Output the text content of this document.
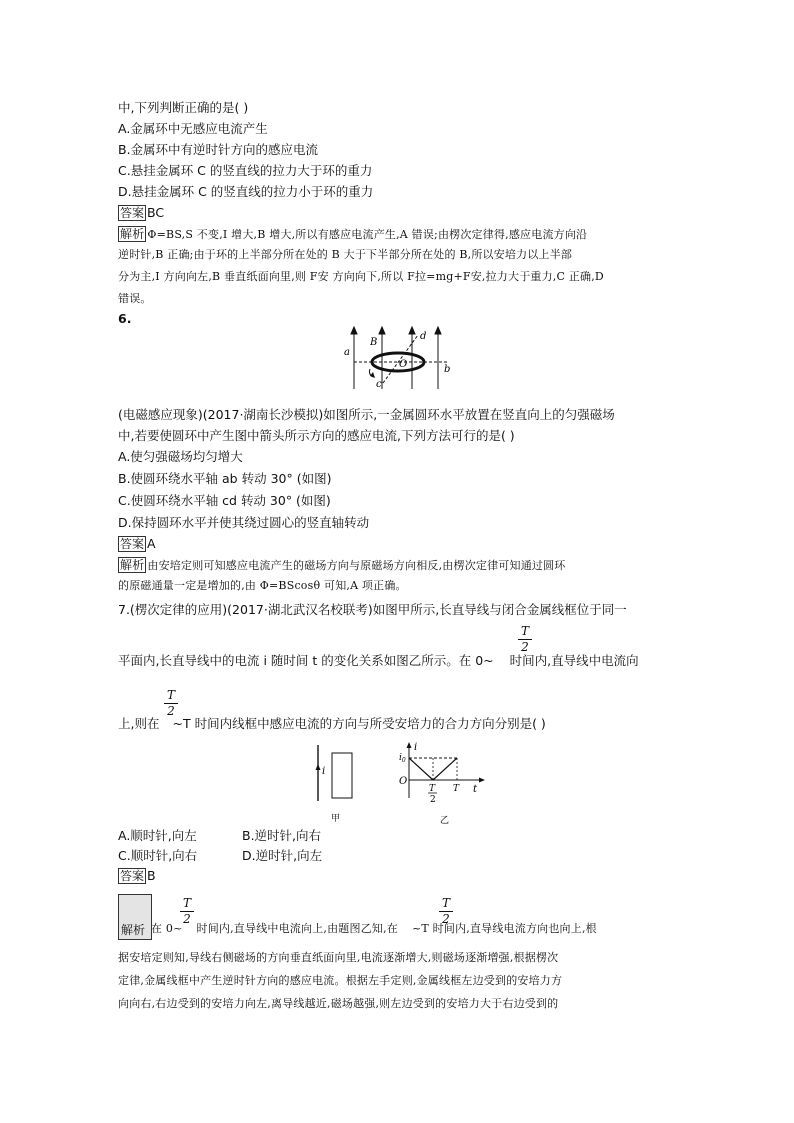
中,下列判断正确的是( )
A.金属环中无感应电流产生
B.金属环中有逆时针方向的感应电流
C.悬挂金属环 C 的竖直线的拉力大于环的重力
D.悬挂金属环 C 的竖直线的拉力小于环的重力
答案 BC
解析 Φ=BS,S 不变,I 增大,B 增大,所以有感应电流产生,A 错误;由楞次定律得,感应电流方向沿
逆时针,B 正确;由于环的上半部分所在处的 B 大于下半部分所在处的 B,所以安培力以上半部
分为主,I 方向向左,B 垂直纸面向里,则 F安 方向向下,所以 F拉=mg+F安,拉力大于重力,C 正确,D
错误。
6.
a
b
B
c
d
O
(电磁感应现象)(2017·湖南长沙模拟)如图所示,一金属圆环水平放置在竖直向上的匀强磁场
中,若要使圆环中产生图中箭头所示方向的感应电流,下列方法可行的是( )
A.使匀强磁场均匀增大
B.使圆环绕水平轴 ab 转动 30° (如图)
C.使圆环绕水平轴 cd 转动 30° (如图)
D.保持圆环水平并使其绕过圆心的竖直轴转动
答案 A
解析 由安培定则可知感应电流产生的磁场方向与原磁场方向相反,由楞次定律可知通过圆环
的原磁通量一定是增加的,由 Φ=BScosθ 可知,A 项正确。
7.(楞次定律的应用)(2017·湖北武汉名校联考)如图甲所示,长直导线与闭合金属线框位于同一
T
2
平面内,长直导线中的电流 i 随时间 t 的变化关系如图乙所示。在 0~ 时间内,直导线中电流向
T
2
上,则在 ~T 时间内线框中感应电流的方向与所受安培力的合力方向分别是( )
i
甲
i
$i_0$
O
T
2
T t
乙
A.顺时针,向左	B.逆时针,向右
C.顺时针,向右	D.逆时针,向左
答案 B
解析
T
2
T
2
在 0~ 时间内,直导线中电流向上,由题图乙知,在 ~T 时间内,直导线电流方向也向上,根
据安培定则知,导线右侧磁场的方向垂直纸面向里,电流逐渐增大,则磁场逐渐增强,根据楞次
定律,金属线框中产生逆时针方向的感应电流。根据左手定则,金属线框左边受到的安培力方
向向右,右边受到的安培力向左,离导线越近,磁场越强,则左边受到的安培力大于右边受到的
